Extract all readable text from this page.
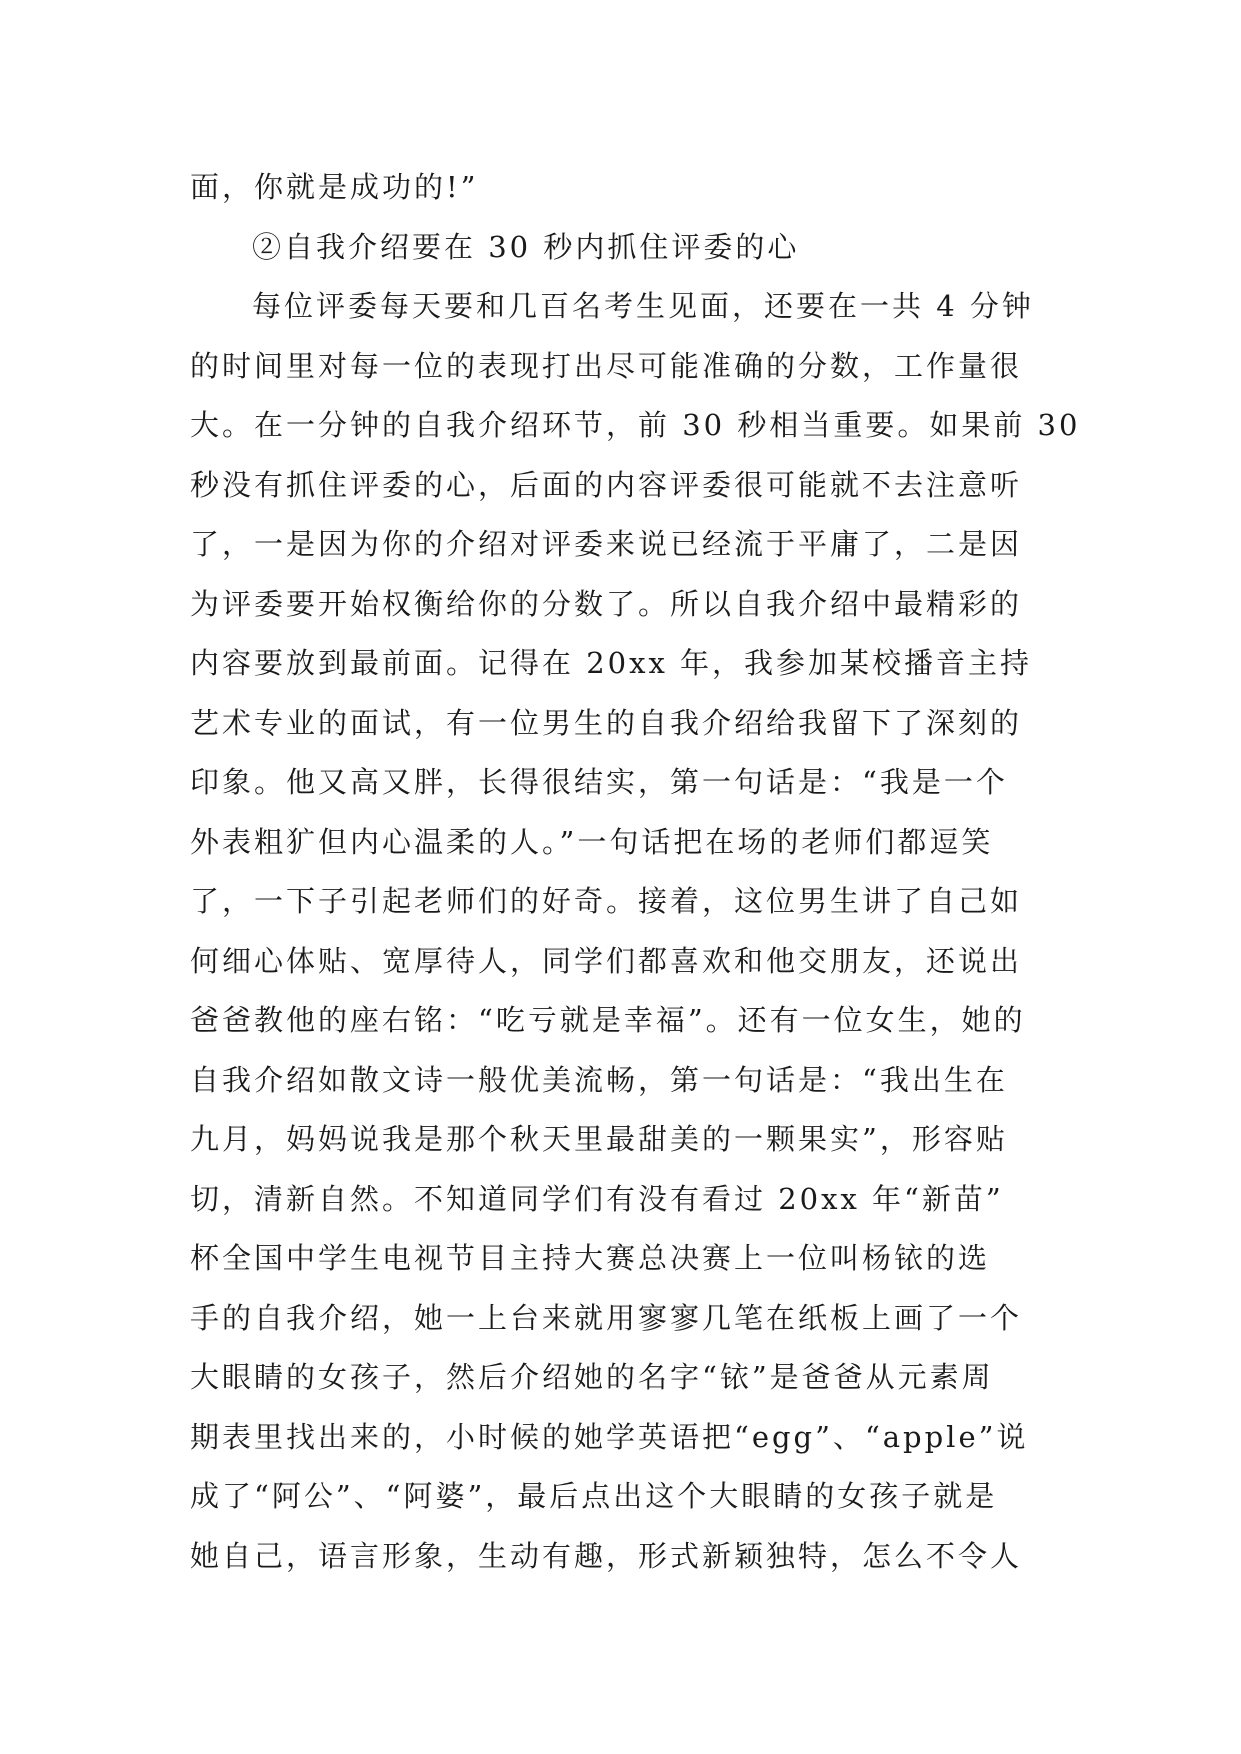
面，你就是成功的!”
②自我介绍要在 30 秒内抓住评委的心
每位评委每天要和几百名考生见面，还要在一共 4 分钟
的时间里对每一位的表现打出尽可能准确的分数，工作量很
大。在一分钟的自我介绍环节，前 30 秒相当重要。如果前 30
秒没有抓住评委的心，后面的内容评委很可能就不去注意听
了，一是因为你的介绍对评委来说已经流于平庸了，二是因
为评委要开始权衡给你的分数了。所以自我介绍中最精彩的
内容要放到最前面。记得在 20xx 年，我参加某校播音主持
艺术专业的面试，有一位男生的自我介绍给我留下了深刻的
印象。他又高又胖，长得很结实，第一句话是：“我是一个
外表粗犷但内心温柔的人。”一句话把在场的老师们都逗笑
了，一下子引起老师们的好奇。接着，这位男生讲了自己如
何细心体贴、宽厚待人，同学们都喜欢和他交朋友，还说出
爸爸教他的座右铭：“吃亏就是幸福”。还有一位女生，她的
自我介绍如散文诗一般优美流畅，第一句话是：“我出生在
九月，妈妈说我是那个秋天里最甜美的一颗果实”，形容贴
切，清新自然。不知道同学们有没有看过 20xx 年“新苗”
杯全国中学生电视节目主持大赛总决赛上一位叫杨铱的选
手的自我介绍，她一上台来就用寥寥几笔在纸板上画了一个
大眼睛的女孩子，然后介绍她的名字“铱”是爸爸从元素周
期表里找出来的，小时候的她学英语把“egg”、“apple”说
成了“阿公”、“阿婆”，最后点出这个大眼睛的女孩子就是
她自己，语言形象，生动有趣，形式新颖独特，怎么不令人
